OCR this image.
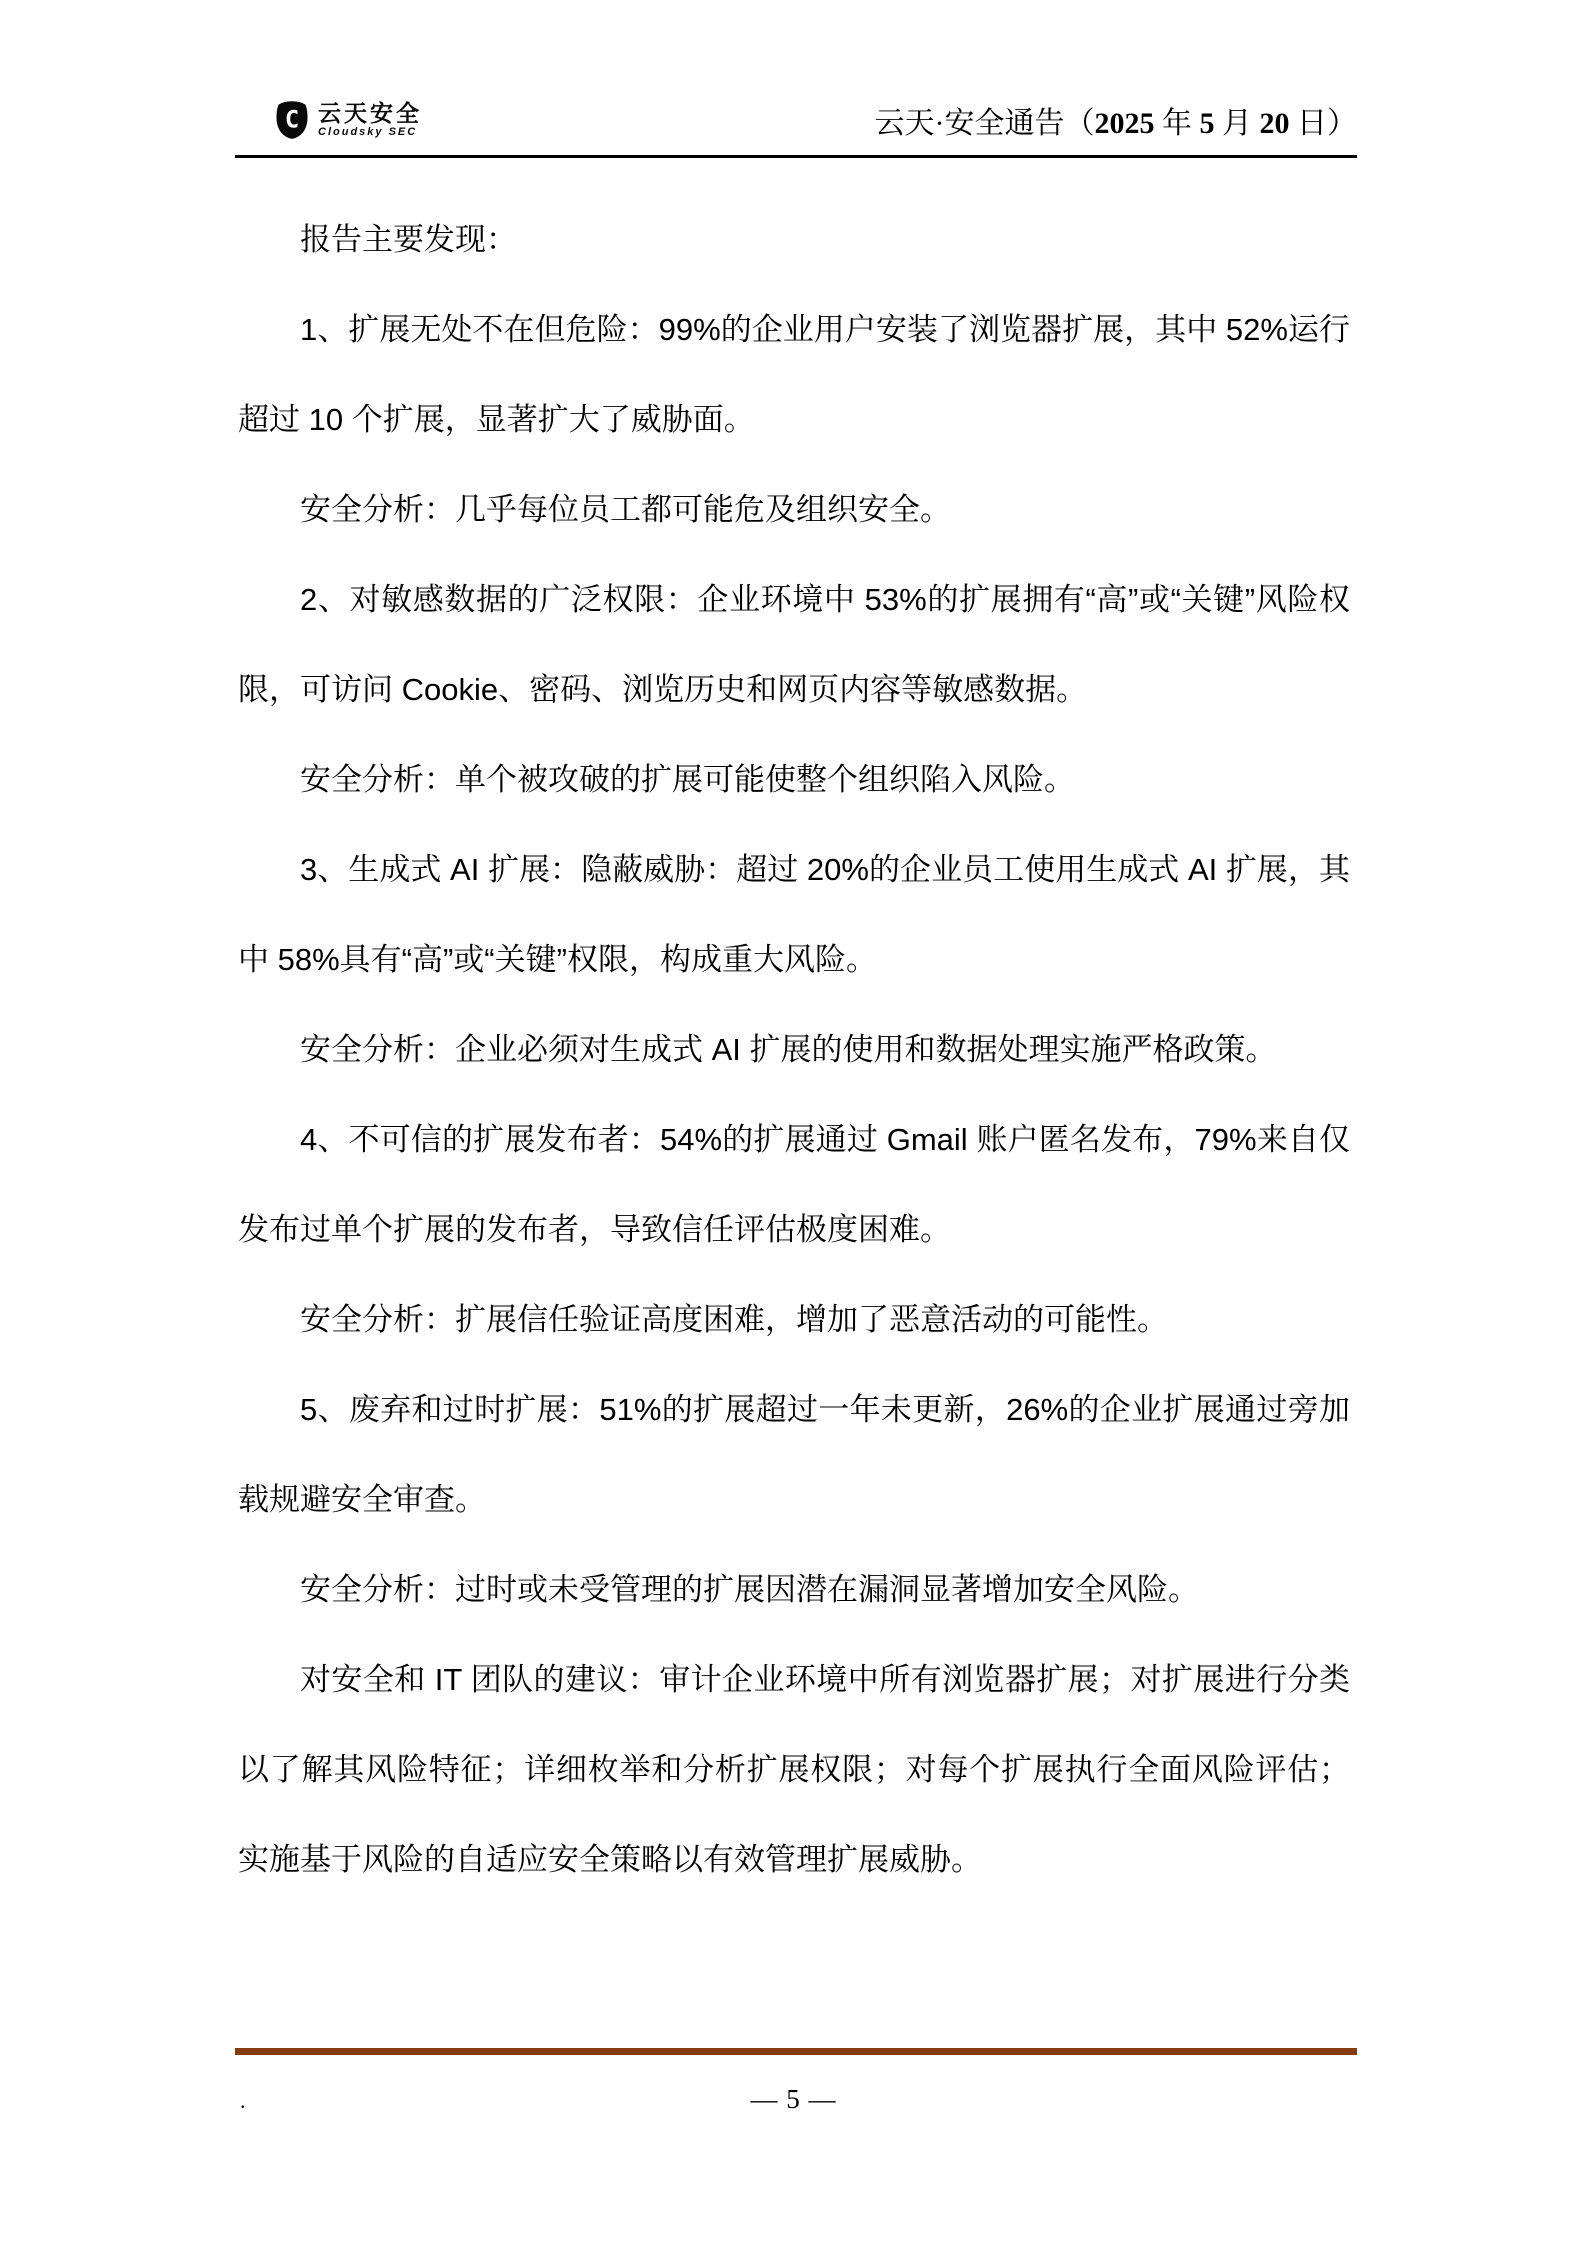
C 云天安全
Cloudsky SEC	云天·安全通告（2025 年 5 月 20 日）

报告主要发现：

1、扩展无处不在但危险：99%的企业用户安装了浏览器扩展，其中 52%运行超过 10 个扩展，显著扩大了威胁面。

安全分析：几乎每位员工都可能危及组织安全。

2、对敏感数据的广泛权限：企业环境中 53%的扩展拥有“高”或“关键”风险权限，可访问 Cookie、密码、浏览历史和网页内容等敏感数据。

安全分析：单个被攻破的扩展可能使整个组织陷入风险。

3、生成式 AI 扩展：隐蔽威胁：超过 20%的企业员工使用生成式 AI 扩展，其中 58%具有“高”或“关键”权限，构成重大风险。

安全分析：企业必须对生成式 AI 扩展的使用和数据处理实施严格政策。

4、不可信的扩展发布者：54%的扩展通过 Gmail 账户匿名发布，79%来自仅发布过单个扩展的发布者，导致信任评估极度困难。

安全分析：扩展信任验证高度困难，增加了恶意活动的可能性。

5、废弃和过时扩展：51%的扩展超过一年未更新，26%的企业扩展通过旁加载规避安全审查。

安全分析：过时或未受管理的扩展因潜在漏洞显著增加安全风险。

对安全和 IT 团队的建议：审计企业环境中所有浏览器扩展；对扩展进行分类以了解其风险特征；详细枚举和分析扩展权限；对每个扩展执行全面风险评估；实施基于风险的自适应安全策略以有效管理扩展威胁。

.	— 5 —
